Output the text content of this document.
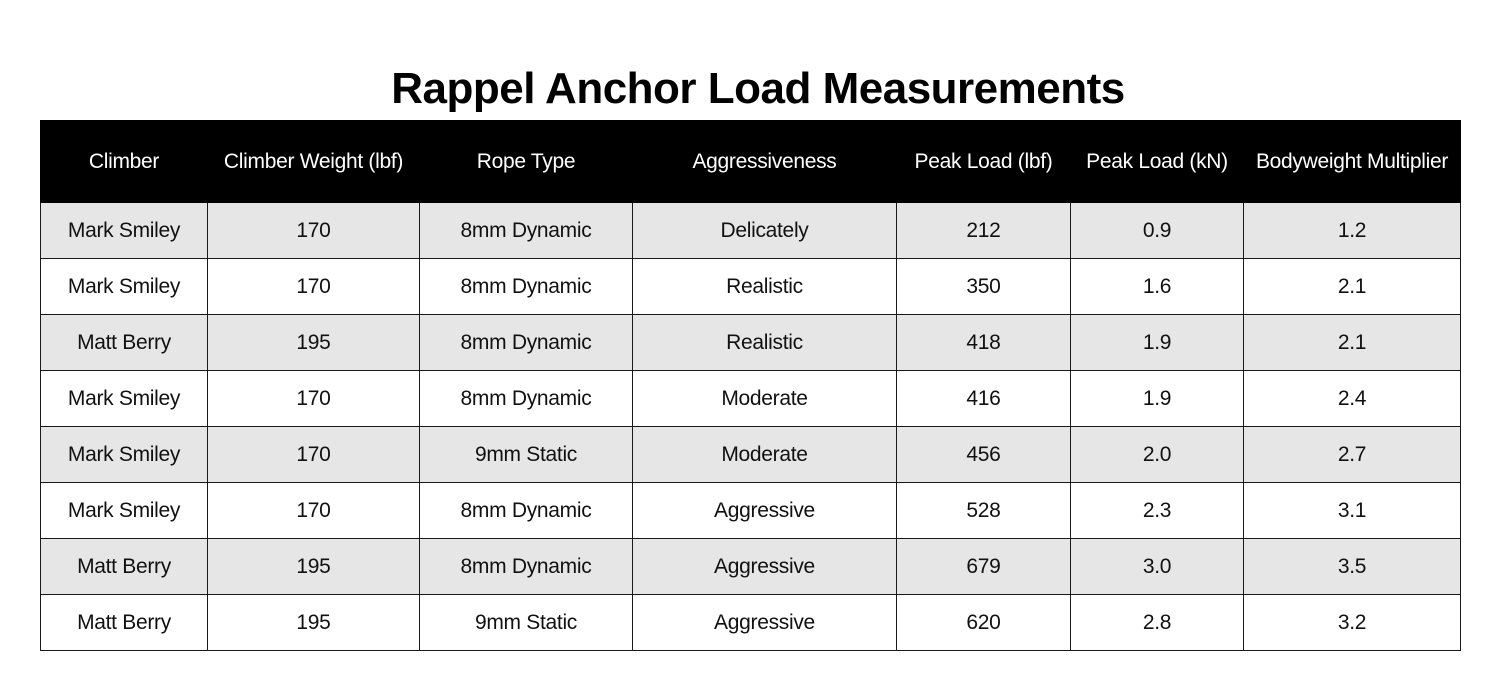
Rappel Anchor Load Measurements
Climber	Climber Weight (lbf)	Rope Type	Aggressiveness	Peak Load (lbf)	Peak Load (kN)	Bodyweight Multiplier
Mark Smiley	170	8mm Dynamic	Delicately	212	0.9	1.2
Mark Smiley	170	8mm Dynamic	Realistic	350	1.6	2.1
Matt Berry	195	8mm Dynamic	Realistic	418	1.9	2.1
Mark Smiley	170	8mm Dynamic	Moderate	416	1.9	2.4
Mark Smiley	170	9mm Static	Moderate	456	2.0	2.7
Mark Smiley	170	8mm Dynamic	Aggressive	528	2.3	3.1
Matt Berry	195	8mm Dynamic	Aggressive	679	3.0	3.5
Matt Berry	195	9mm Static	Aggressive	620	2.8	3.2
